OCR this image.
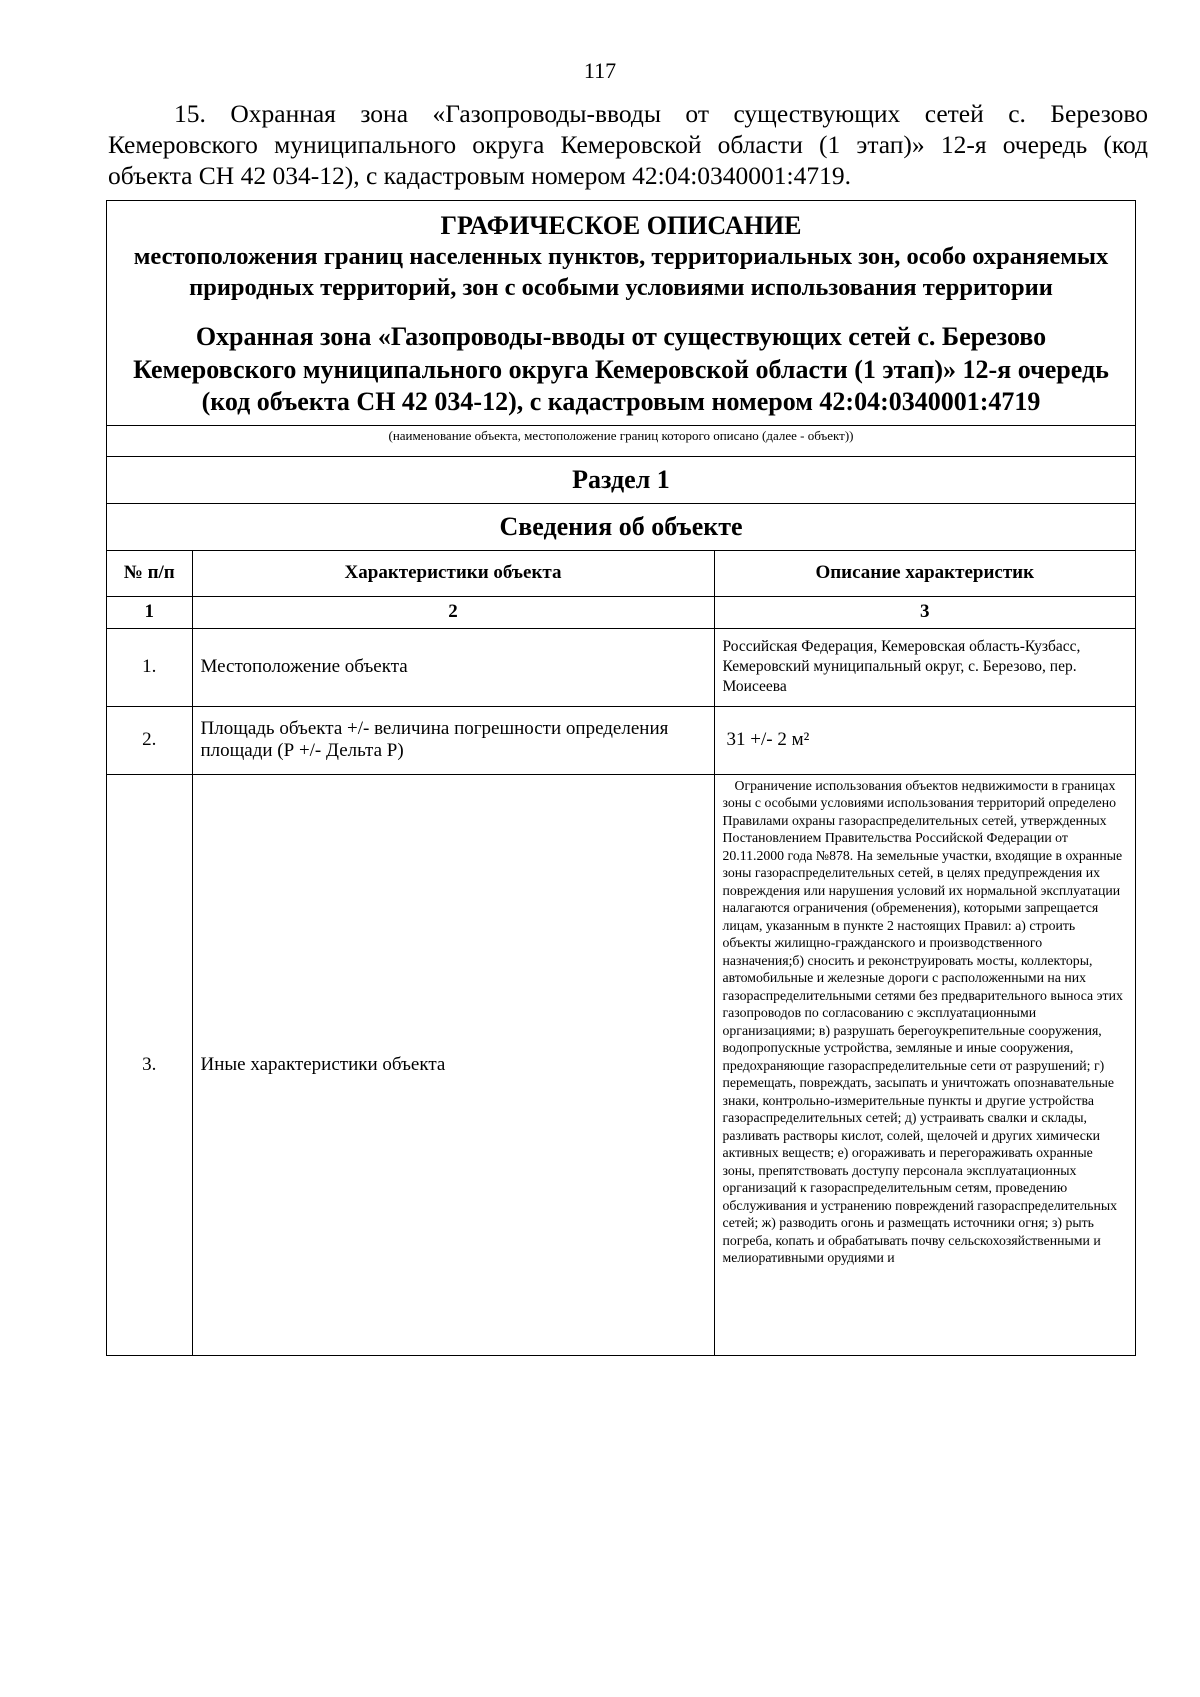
117
15. Охранная зона «Газопроводы-вводы от существующих сетей с. Березово Кемеровского муниципального округа Кемеровской области (1 этап)» 12-я очередь (код объекта СН 42 034-12), с кадастровым номером 42:04:0340001:4719.
ГРАФИЧЕСКОЕ ОПИСАНИЕ
местоположения границ населенных пунктов, территориальных зон, особо охраняемых природных территорий, зон с особыми условиями использования территории
Охранная зона «Газопроводы-вводы от существующих сетей с. Березово Кемеровского муниципального округа Кемеровской области (1 этап)» 12-я очередь (код объекта СН 42 034-12), с кадастровым номером 42:04:0340001:4719
(наименование объекта, местоположение границ которого описано (далее - объект))
Раздел 1
Сведения об объекте
№ п/п	Характеристики объекта	Описание характеристик
1	2	3
1.	Местоположение объекта	Российская Федерация, Кемеровская область-Кузбасс, Кемеровский муниципальный округ, с. Березово, пер. Моисеева
2.	Площадь объекта +/- величина погрешности определения площади (Р +/- Дельта Р)	31 +/- 2 м²
3.	Иные характеристики объекта	Ограничение использования объектов недвижимости в границах зоны с особыми условиями использования территорий определено Правилами охраны газораспределительных сетей, утвержденных Постановлением Правительства Российской Федерации от 20.11.2000 года №878. На земельные участки, входящие в охранные зоны газораспределительных сетей, в целях предупреждения их повреждения или нарушения условий их нормальной эксплуатации налагаются ограничения (обременения), которыми запрещается лицам, указанным в пункте 2 настоящих Правил: а) строить объекты жилищно-гражданского и производственного назначения;б) сносить и реконструировать мосты, коллекторы, автомобильные и железные дороги с расположенными на них газораспределительными сетями без предварительного выноса этих газопроводов по согласованию с эксплуатационными организациями; в) разрушать берегоукрепительные сооружения, водопропускные устройства, земляные и иные сооружения, предохраняющие газораспределительные сети от разрушений; г) перемещать, повреждать, засыпать и уничтожать опознавательные знаки, контрольно-измерительные пункты и другие устройства газораспределительных сетей; д) устраивать свалки и склады, разливать растворы кислот, солей, щелочей и других химически активных веществ; е) огораживать и перегораживать охранные зоны, препятствовать доступу персонала эксплуатационных организаций к газораспределительным сетям, проведению обслуживания и устранению повреждений газораспределительных сетей; ж) разводить огонь и размещать источники огня; з) рыть погреба, копать и обрабатывать почву сельскохозяйственными и мелиоративными орудиями и
